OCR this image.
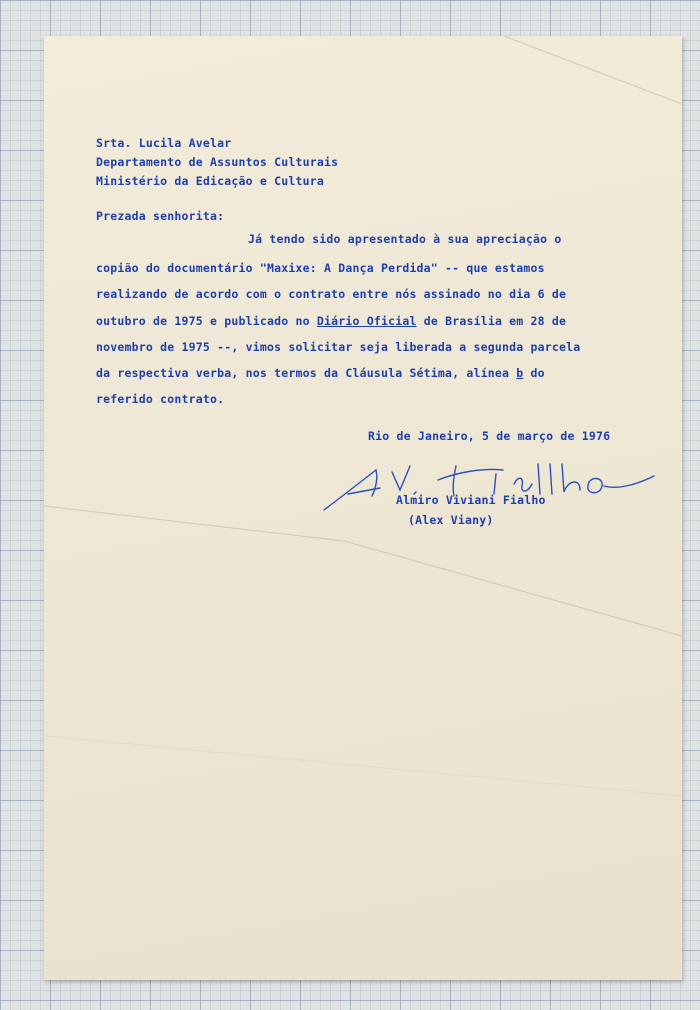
Srta. Lucila Avelar
Departamento de Assuntos Culturais
Ministério da Edicação e Cultura
Prezada senhorita:
Já tendo sido apresentado à sua apreciação o
copião do documentário "Maxixe: A Dança Perdida" -- que estamos
realizando de acordo com o contrato entre nós assinado no dia 6 de
outubro de 1975 e publicado no Diário Oficial de Brasília em 28 de
novembro de 1975 --, vimos solicitar seja liberada a segunda parcela
da respectiva verba, nos termos da Cláusula Sétima, alínea b do
referido contrato.
Rio de Janeiro, 5 de março de 1976
Almiro Viviani Fialho
(Alex Viany)
